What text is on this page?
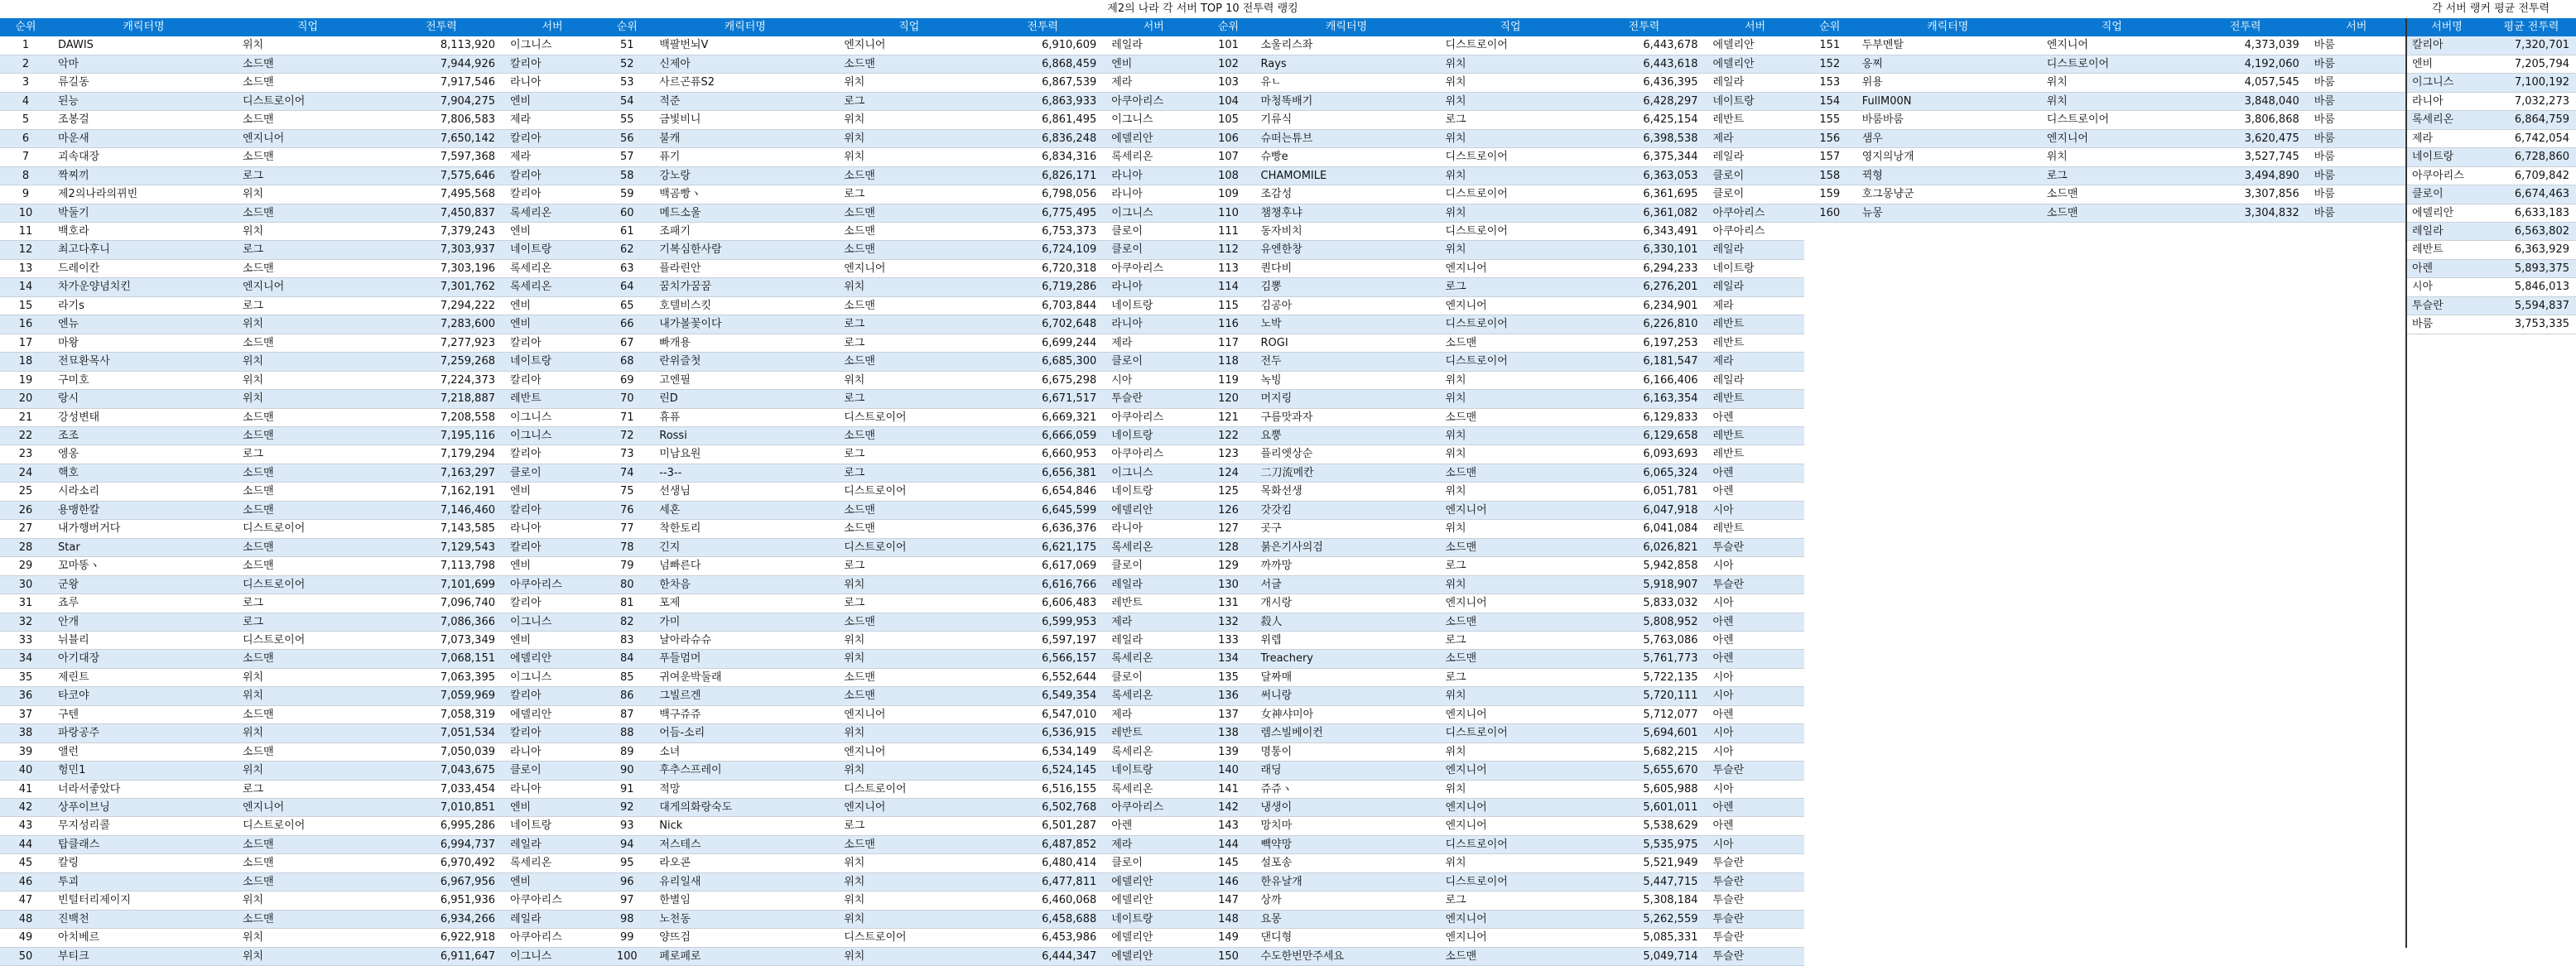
제2의 나라 각 서버 TOP 10 전투력 랭킹	각 서버 랭커 평균 전투력
순위	캐릭터명	직업	전투력	서버
1	DAWIS	위치	8,113,920	이그니스
2	악마	소드맨	7,944,926	칼리아
3	류길동	소드맨	7,917,546	라니아
4	된능	디스트로이어	7,904,275	엔비
5	조봉걸	소드맨	7,806,583	제라
6	마운새	엔지니어	7,650,142	칼리아
7	괴속대장	소드맨	7,597,368	제라
8	짝찌끼	로그	7,575,646	칼리아
9	제2의나라의뀌빈	위치	7,495,568	칼리아
10	박둘기	소드맨	7,450,837	록세리온
11	백호라	위치	7,379,243	엔비
12	최고다후니	로그	7,303,937	네이트랑
13	드레이칸	소드맨	7,303,196	록세리온
14	차가운양념치킨	엔지니어	7,301,762	록세리온
15	라기s	로그	7,294,222	엔비
16	엔뉴	위치	7,283,600	엔비
17	마왕	소드맨	7,277,923	칼리아
18	전묘환목사	위치	7,259,268	네이트랑
19	구미호	위치	7,224,373	칼리아
20	랑시	위치	7,218,887	레반트
21	강성변태	소드맨	7,208,558	이그니스
22	조조	소드맨	7,195,116	이그니스
23	엥옹	로그	7,179,294	칼리아
24	핵호	소드맨	7,163,297	클로이
25	시라소리	소드맨	7,162,191	엔비
26	용맹한칼	소드맨	7,146,460	칼리아
27	내가행버거다	디스트로이어	7,143,585	라니아
28	Star	소드맨	7,129,543	칼리아
29	꼬마똥ヽ	소드맨	7,113,798	엔비
30	군왕	디스트로이어	7,101,699	아쿠아리스
31	죠루	로그	7,096,740	칼리아
32	안개	로그	7,086,366	이그니스
33	뉘블리	디스트로이어	7,073,349	엔비
34	아기대장	소드맨	7,068,151	에델리안
35	제린트	위치	7,063,395	이그니스
36	타코야	위치	7,059,969	칼리아
37	구텐	소드맨	7,058,319	에델리안
38	파랑공주	위치	7,051,534	칼리아
39	앨런	소드맨	7,050,039	라니아
40	헝민1	위치	7,043,675	클로이
41	너라서좋았다	로그	7,033,454	라니아
42	상푸이브닝	엔지니어	7,010,851	엔비
43	무지성리콜	디스트로이어	6,995,286	네이트랑
44	탑클래스	소드맨	6,994,737	레일라
45	칼링	소드맨	6,970,492	록세리온
46	투괴	소드맨	6,967,956	엔비
47	빈털터리제이지	위치	6,951,936	아쿠아리스
48	진백천	소드맨	6,934,266	레일라
49	아치베르	위치	6,922,918	아쿠아리스
50	부티크	위치	6,911,647	이그니스
순위	캐릭터명	직업	전투력	서버
51	백팔번뇌V	엔지니어	6,910,609	레일라
52	신제아	소드맨	6,868,459	엔비
53	사르곤퓨S2	위치	6,867,539	제라
54	적준	로그	6,863,933	아쿠아리스
55	금빛비니	위치	6,861,495	이그니스
56	불캐	위치	6,836,248	에델리안
57	퓨기	위치	6,834,316	록세리온
58	강노랑	소드맨	6,826,171	라니아
59	백곰빵ヽ	로그	6,798,056	라니아
60	메드소울	소드맨	6,775,495	이그니스
61	조패기	소드맨	6,753,373	클로이
62	기복심한사람	소드맨	6,724,109	클로이
63	플라린안	엔지니어	6,720,318	아쿠아리스
64	꿈치가꿈꿈	위치	6,719,286	라니아
65	호텔비스킷	소드맨	6,703,844	네이트랑
66	내가볼꽃이다	로그	6,702,648	라니아
67	빠개용	로그	6,699,244	제라
68	란위즐첫	소드맨	6,685,300	클로이
69	고엔필	위치	6,675,298	시아
70	린D	로그	6,671,517	투슬란
71	휴퓨	디스트로이어	6,669,321	아쿠아리스
72	Rossi	소드맨	6,666,059	네이트랑
73	미남요원	로그	6,660,953	아쿠아리스
74	--3--	로그	6,656,381	이그니스
75	선생님	디스트로이어	6,654,846	네이트랑
76	세혼	소드맨	6,645,599	에델리안
77	착한토리	소드맨	6,636,376	라니아
78	긴지	디스트로이어	6,621,175	록세리온
79	넘빠른다	로그	6,617,069	클로이
80	한차음	위치	6,616,766	레일라
81	포제	로그	6,606,483	레반트
82	가미	소드맨	6,599,953	제라
83	날아라슈슈	위치	6,597,197	레일라
84	푸들멈머	위치	6,566,157	록세리온
85	귀여운박둘래	소드맨	6,552,644	클로이
86	그빌르겐	소드맨	6,549,354	록세리온
87	백구쥬쥬	엔지니어	6,547,010	제라
88	어듬-소리	위치	6,536,915	레반트
89	소녀	엔지니어	6,534,149	록세리온
90	후추스프레이	위치	6,524,145	네이트랑
91	적망	디스트로이어	6,516,155	록세리온
92	대게의화랑숙도	엔지니어	6,502,768	아쿠아리스
93	Nick	로그	6,501,287	아렌
94	저스테스	소드맨	6,487,852	제라
95	라오콘	위치	6,480,414	클로이
96	유리일새	위치	6,477,811	에델리안
97	한별임	위치	6,460,068	에델리안
98	노천동	위치	6,458,688	네이트랑
99	양뜨검	디스트로이어	6,453,986	에델리안
100	페로페로	위치	6,444,347	에델리안
순위	캐릭터명	직업	전투력	서버
101	소울리스좌	디스트로이어	6,443,678	에델리안
102	Rays	위치	6,443,618	에델리안
103	유ㄴ	위치	6,436,395	레일라
104	마청똑배기	위치	6,428,297	네이트랑
105	기류식	로그	6,425,154	레반트
106	슈떠는튜브	위치	6,398,538	제라
107	슈빵e	디스트로이어	6,375,344	레일라
108	CHAMOMILE	위치	6,363,053	클로이
109	조감성	디스트로이어	6,361,695	클로이
110	챔챙후냐	위치	6,361,082	아쿠아리스
111	동자비치	디스트로이어	6,343,491	아쿠아리스
112	유엔한창	위치	6,330,101	레일라
113	퀀다비	엔지니어	6,294,233	네이트랑
114	김뽕	로그	6,276,201	레일라
115	김공아	엔지니어	6,234,901	제라
116	노박	디스트로이어	6,226,810	레반트
117	ROGI	소드맨	6,197,253	레반트
118	전두	디스트로이어	6,181,547	제라
119	녹빙	위치	6,166,406	레일라
120	머지링	위치	6,163,354	레반트
121	구름맛과자	소드맨	6,129,833	아렌
122	요뿡	위치	6,129,658	레반트
123	플리엣상순	위치	6,093,693	레반트
124	二刀流메칸	소드맨	6,065,324	아렌
125	목화선생	위치	6,051,781	아렌
126	갓갓킴	엔지니어	6,047,918	시아
127	곳구	위치	6,041,084	레반트
128	붉은기사의검	소드맨	6,026,821	투슬란
129	까까망	로그	5,942,858	시아
130	서글	위치	5,918,907	투슬란
131	개시랑	엔지니어	5,833,032	시아
132	殺人	소드맨	5,808,952	아렌
133	위렙	로그	5,763,086	아렌
134	Treachery	소드맨	5,761,773	아렌
135	달짜매	로그	5,722,135	시아
136	써니랑	위치	5,720,111	시아
137	女神샤미아	엔지니어	5,712,077	아렌
138	렘스빌베이컨	디스트로이어	5,694,601	시아
139	명통이	위치	5,682,215	시아
140	래딩	엔지니어	5,655,670	투슬란
141	쥬쥬ヽ	위치	5,605,988	시아
142	냉생이	엔지니어	5,601,011	아렌
143	망치마	엔지니어	5,538,629	아렌
144	빽약망	디스트로이어	5,535,975	시아
145	설포송	위치	5,521,949	투슬란
146	한유날개	디스트로이어	5,447,715	투슬란
147	상까	로그	5,308,184	투슬란
148	요몽	엔지니어	5,262,559	투슬란
149	댄디형	엔지니어	5,085,331	투슬란
150	수도한번만주세요	소드맨	5,049,714	투슬란
순위	캐릭터명	직업	전투력	서버
151	두부멘탈	엔지니어	4,373,039	바룸
152	옹찌	디스트로이어	4,192,060	바룸
153	위용	위치	4,057,545	바룸
154	FullM00N	위치	3,848,040	바룸
155	바룸바룸	디스트로이어	3,806,868	바룸
156	샘우	엔지니어	3,620,475	바룸
157	영지의낭개	위치	3,527,745	바룸
158	뀍형	로그	3,494,890	바룸
159	호그몽냥군	소드맨	3,307,856	바룸
160	뉴몽	소드맨	3,304,832	바룸
서버명	평균 전투력
칼리아	7,320,701
엔비	7,205,794
이그니스	7,100,192
라니아	7,032,273
록세리온	6,864,759
제라	6,742,054
네이트랑	6,728,860
아쿠아리스	6,709,842
클로이	6,674,463
에델리안	6,633,183
레일라	6,563,802
레반트	6,363,929
아렌	5,893,375
시아	5,846,013
투슬란	5,594,837
바룸	3,753,335
